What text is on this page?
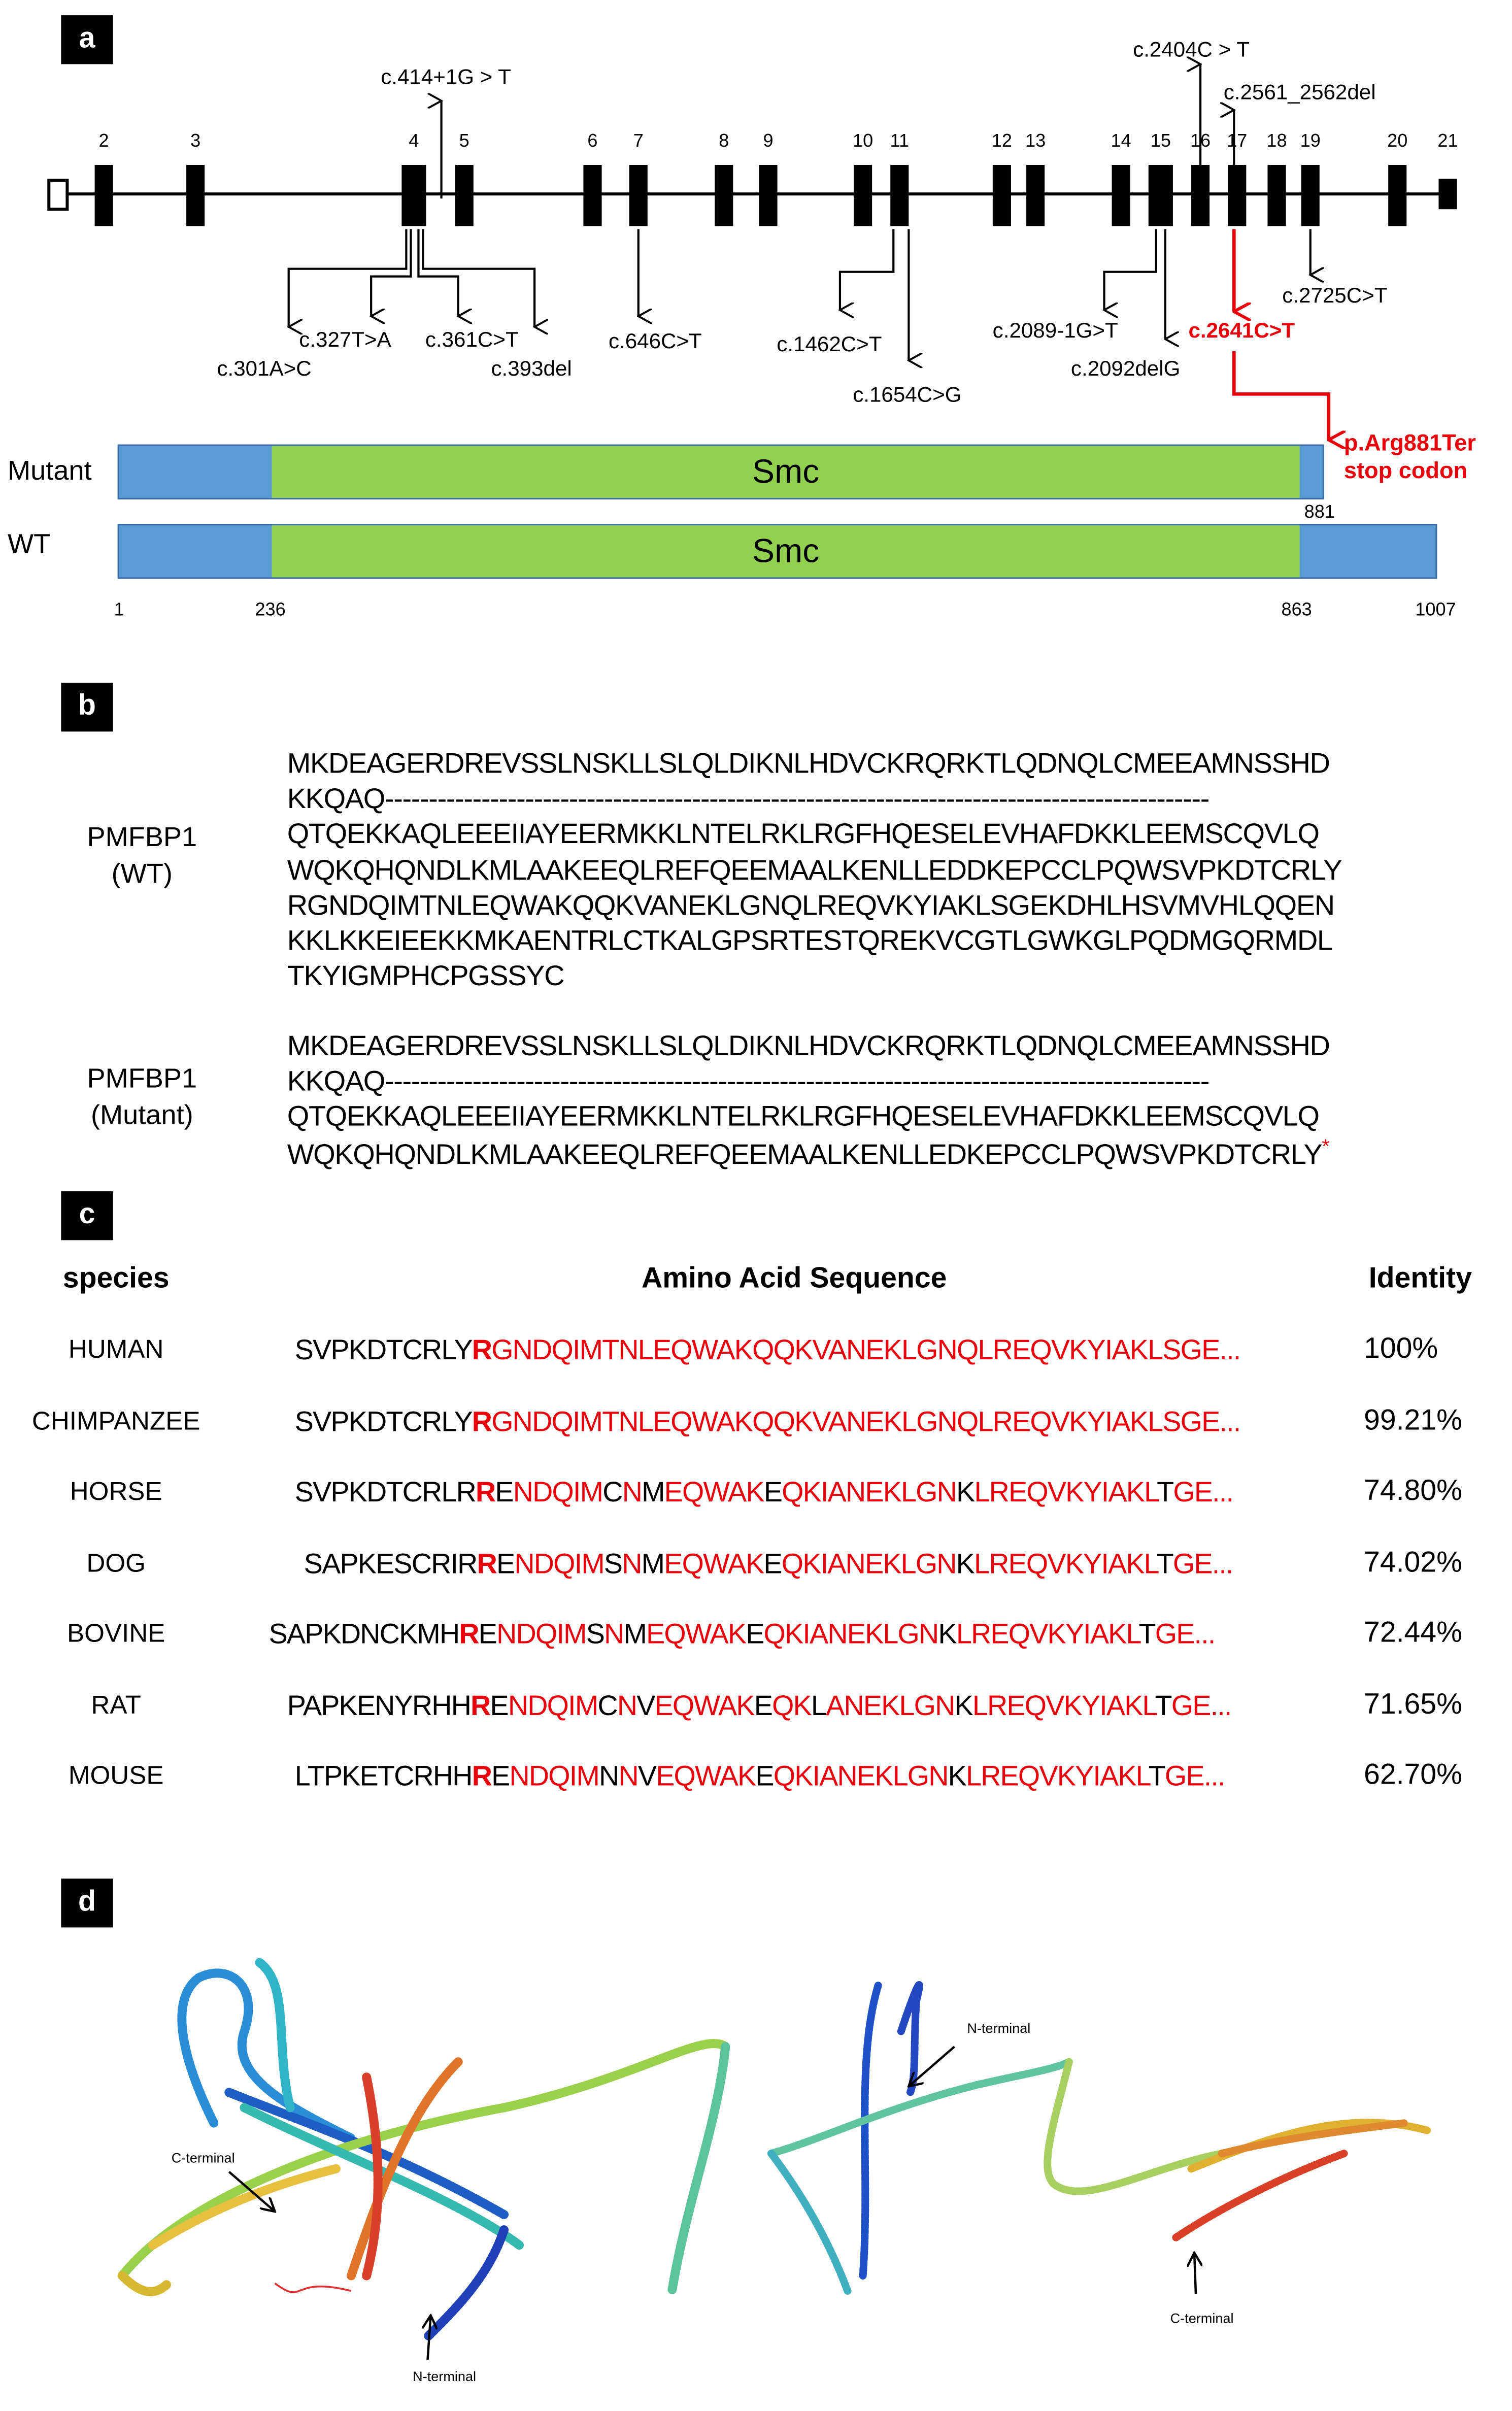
a
2	3	4	5	6	7	8	9	10	11	12 13	14	15	16	17	18 19	20	21
c.414+1G > T
c.2404C > T
c.2561_2562del
c.327T>A	c.361C>T
c.301A>C	c.393del
c.646C>T	c.1462C>T
c.1654C>G
c.2089-1G>T
c.2092delG
c.2641C>T
c.2725C>T
p.Arg881Ter
stop codon
Mutant
WT
Smc
Smc
881
1	236	863	1007
b
PMFBP1
(WT)
PMFBP1
(Mutant)
MKDEAGERDREVSSLNSKLLSLQLDIKNLHDVCKRQRKTLQDNQLCMEEAMNSSHD
KKQAQ----------------------------------------------------------------------------------------------
QTQEKKAQLEEEIIAYEERMKKLNTELRKLRGFHQESELEVHAFDKKLEEMSCQVLQ
WQKQHQNDLKMLAAKEEQLREFQEEMAALKENLLEDDKEPCCLPQWSVPKDTCRLY
RGNDQIMTNLEQWAKQQKVANEKLGNQLREQVKYIAKLSGEKDHLHSVMVHLQQEN
KKLKKEIEEKKMKAENTRLCTKALGPSRTESTQREKVCGTLGWKGLPQDMGQRMDL
TKYIGMPHCPGSSYC
MKDEAGERDREVSSLNSKLLSLQLDIKNLHDVCKRQRKTLQDNQLCMEEAMNSSHD
KKQAQ----------------------------------------------------------------------------------------------
QTQEKKAQLEEEIIAYEERMKKLNTELRKLRGFHQESELEVHAFDKKLEEMSCQVLQ
WQKQHQNDLKMLAAKEEQLREFQEEMAALKENLLEDKEPCCLPQWSVPKDTCRLY*
c
species	Amino Acid Sequence	Identity
HUMAN	SVPKDTCRLYRGNDQIMTNLEQWAKQQKVANEKLGNQLREQVKYIAKLSGE...	100%
CHIMPANZEE	SVPKDTCRLYRGNDQIMTNLEQWAKQQKVANEKLGNQLREQVKYIAKLSGE...	99.21%
HORSE	SVPKDTCRLRRENDQIMCNMEQWAKEQKIANEKLGNKLREQVKYIAKLTGE...	74.80%
DOG	SAPKESCRIRRENDQIMSNMEQWAKEQKIANEKLGNKLREQVKYIAKLTGE...	74.02%
BOVINE	SAPKDNCKMHRENDQIMSNMEQWAKEQKIANEKLGNKLREQVKYIAKLTGE...	72.44%
RAT	PAPKENYRHHRENDQIMCNVEQWAKEQKLANEKLGNKLREQVKYIAKLTGE...	71.65%
MOUSE	LTPKETCRHHRENDQIMNNVEQWAKEQKIANEKLGNKLREQVKYIAKLTGE...	62.70%
d
C-terminal
N-terminal
N-terminal
C-terminal
